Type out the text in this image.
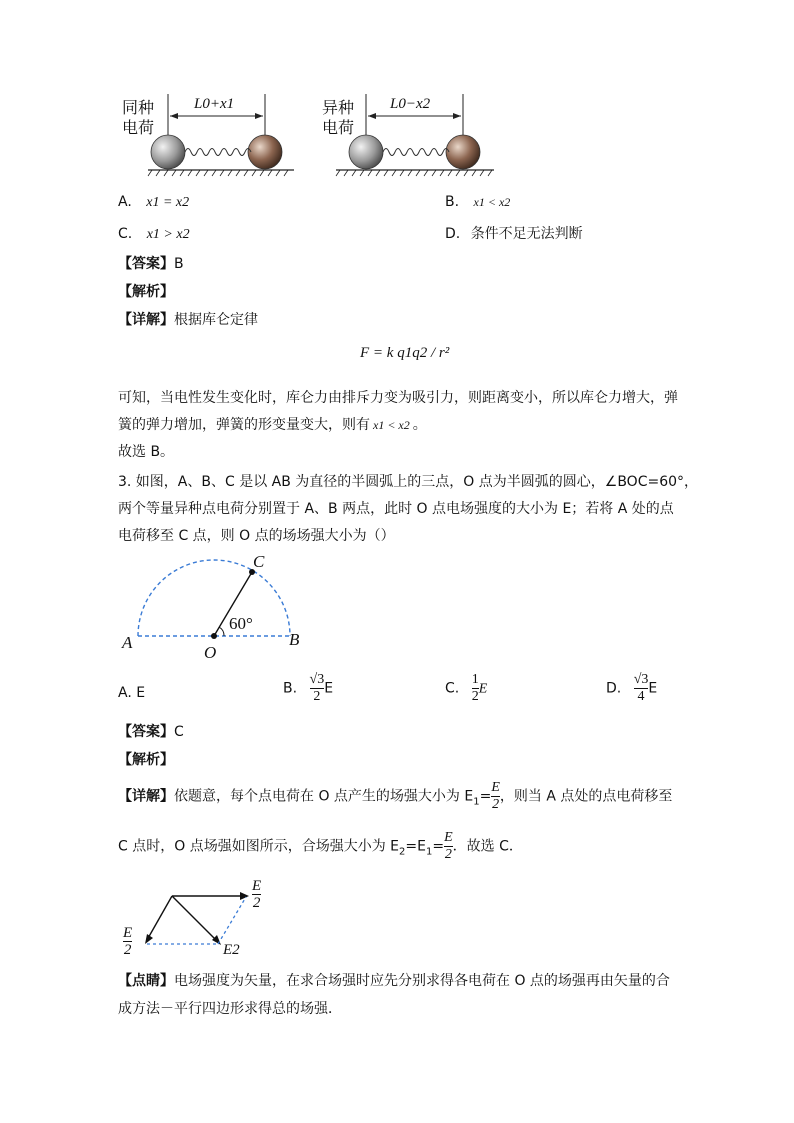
同种
电荷
L0+x1	异种
电荷
L0−x2
A. x1 = x2	B. x1 < x2
C. x1 > x2	D. 条件不足无法判断
【答案】B
【解析】
【详解】根据库仑定律
F = k q1q2 / r²
可知，当电性发生变化时，库仑力由排斥力变为吸引力，则距离变小，所以库仑力增大，弹
簧的弹力增加，弹簧的形变量变大，则有 x1 < x2 。
故选 B。
3. 如图，A、B、C 是以 AB 为直径的半圆弧上的三点，O 点为半圆弧的圆心，∠BOC=60°，
两个等量异种点电荷分别置于 A、B 两点，此时 O 点电场强度的大小为 E；若将 A 处的点
电荷移至 C 点，则 O 点的场场强大小为（）
C
60°
A
O
B
A. E	B. $\frac{√3}{2}$ E	C. $\frac{1}{2}$ E	D. $\frac{√3}{4}$ E
【答案】C
【解析】
【详解】依题意，每个点电荷在 O 点产生的场强大小为 $E_1= \frac{E}{2}$ ，则当 A 点处的点电荷移至
C 点时，O 点场强如图所示，合场强大小为 $E_2=E_1= \frac{E}{2}$ ．故选 C．
$\frac{E}{2}$
$\frac{E}{2}$	E2
【点睛】电场强度为矢量，在求合场强时应先分别求得各电荷在 O 点的场强再由矢量的合
成方法－平行四边形求得总的场强．
